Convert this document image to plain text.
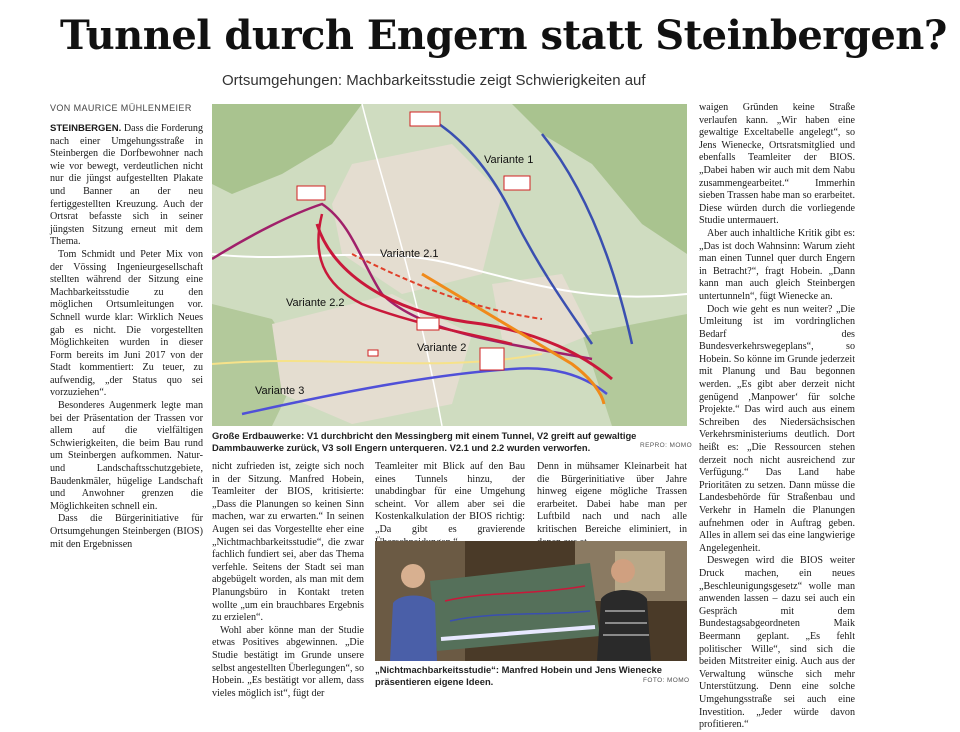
Tunnel durch Engern statt Steinbergen?
Ortsumgehungen: Machbarkeitsstudie zeigt Schwierigkeiten auf
VON MAURICE MÜHLENMEIER

STEINBERGEN. Dass die Forderung nach einer Umgehungsstraße in Steinbergen die Dorfbewohner nach wie vor bewegt, verdeutlichen nicht nur die jüngst aufgestellten Plakate und Banner an der neu fertiggestellten Kreuzung. Auch der Ortsrat befasste sich in seiner jüngsten Sitzung erneut mit dem Thema.

Tom Schmidt und Peter Mix von der Vössing Ingenieurgesellschaft stellten während der Sitzung eine Machbarkeitsstudie zu den möglichen Ortsumleitungen vor. Schnell wurde klar: Wirklich Neues gab es nicht. Die vorgestellten Möglichkeiten wurden in dieser Form bereits im Juni 2017 von der Stadt kommentiert: Zu teuer, zu aufwendig, „der Status quo sei vorzuziehen“.

Besonderes Augenmerk legte man bei der Präsentation der Trassen vor allem auf die vielfältigen Schwierigkeiten, die beim Bau rund um Steinbergen aufkommen. Natur- und Landschaftsschutzgebiete, Baudenkmäler, hügelige Landschaft und Anwohner grenzen die Möglichkeiten schnell ein.

Dass die Bürgerinitiative für Ortsumgehungen Steinbergen (BIOS) mit den Ergebnissen

Variante 1
Variante 2.1
Variante 2.2
Variante 2
Variante 3
Große Erdbauwerke: V1 durchbricht den Messingberg mit einem Tunnel, V2 greift auf gewaltige Dammbauwerke zurück, V3 soll Engern unterqueren. V2.1 und 2.2 wurden verworfen.	REPRO: MOMO

nicht zufrieden ist, zeigte sich noch in der Sitzung. Manfred Hobein, Teamleiter der BIOS, kritisierte: „Dass die Planungen so keinen Sinn machen, war zu erwarten.“ In seinen Augen sei das Vorgestellte eher eine „Nichtmachbarkeitsstudie“, die zwar fachlich fundiert sei, aber das Thema verfehle. Seitens der Stadt sei man abgebügelt worden, als man mit dem Planungsbüro in Kontakt treten wollte „um ein brauchbares Ergebnis zu erzielen“.

Wohl aber könne man der Studie etwas Positives abgewinnen. „Die Studie bestätigt im Grunde unsere selbst angestellten Überlegungen“, so Hobein. „Es bestätigt vor allem, dass vieles möglich ist“, fügt der

Teamleiter mit Blick auf den Bau eines Tunnels hinzu, der unabdingbar für eine Umgehung scheint. Vor allem aber sei die Kostenkalkulation der BIOS richtig: „Da gibt es gravierende

Denn in mühsamer Kleinarbeit hat die Bürgerinitiative über Jahre hinweg eigene mögliche Trassen erarbeitet. Dabei habe man per Luftbild nach und nach alle kritischen Bereiche eliminiert, in

„Nichtmachbarkeitsstudie“: Manfred Hobein und Jens Wienecke präsentieren eigene Ideen.	FOTO: MOMO

waigen Gründen keine Straße verlaufen kann. „Wir haben eine gewaltige Exceltabelle angelegt“, so Jens Wienecke, Ortsratsmitglied und ebenfalls Teamleiter der BIOS. „Dabei haben wir auch mit dem Nabu zusammengearbeitet.“ Immerhin sieben Trassen habe man so erarbeitet. Diese würden durch die vorliegende Studie untermauert.

Aber auch inhaltliche Kritik gibt es: „Das ist doch Wahnsinn: Warum zieht man einen Tunnel quer durch Engern in Betracht?“, fragt Hobein. „Dann kann man auch gleich Steinbergen untertunneln“, fügt Wienecke an.

Doch wie geht es nun weiter? „Die Umleitung ist im vordringlichen Bedarf des Bundesverkehrswegeplans“, so Hobein. So könne im Grunde jederzeit mit Planung und Bau begonnen werden. „Es gibt aber derzeit nicht genügend ‚Manpower‘ für solche Projekte.“ Das wird auch aus einem Schreiben des Niedersächsischen Verkehrsministeriums deutlich. Dort heißt es: „Die Ressourcen stehen derzeit noch nicht ausreichend zur Verfügung.“ Das Land habe Prioritäten zu setzen. Dann müsse die Landesbehörde für Straßenbau und Verkehr in Hameln die Planungen aufnehmen oder in Auftrag geben. Alles in allem sei das eine langwierige Angelegenheit.

Deswegen wird die BIOS weiter Druck machen, ein neues „Beschleunigungsgesetz“ wolle man anwenden lassen – dazu sei auch ein Gespräch mit dem Bundestagsabgeordneten Maik Beermann geplant. „Es fehlt politischer Wille“, sind sich die beiden Mitstreiter einig. Auch aus der Verwaltung wünsche sich mehr Unterstützung. Denn eine solche Umgehungsstraße sei auch eine Investition. „Jeder würde davon profitieren.“
